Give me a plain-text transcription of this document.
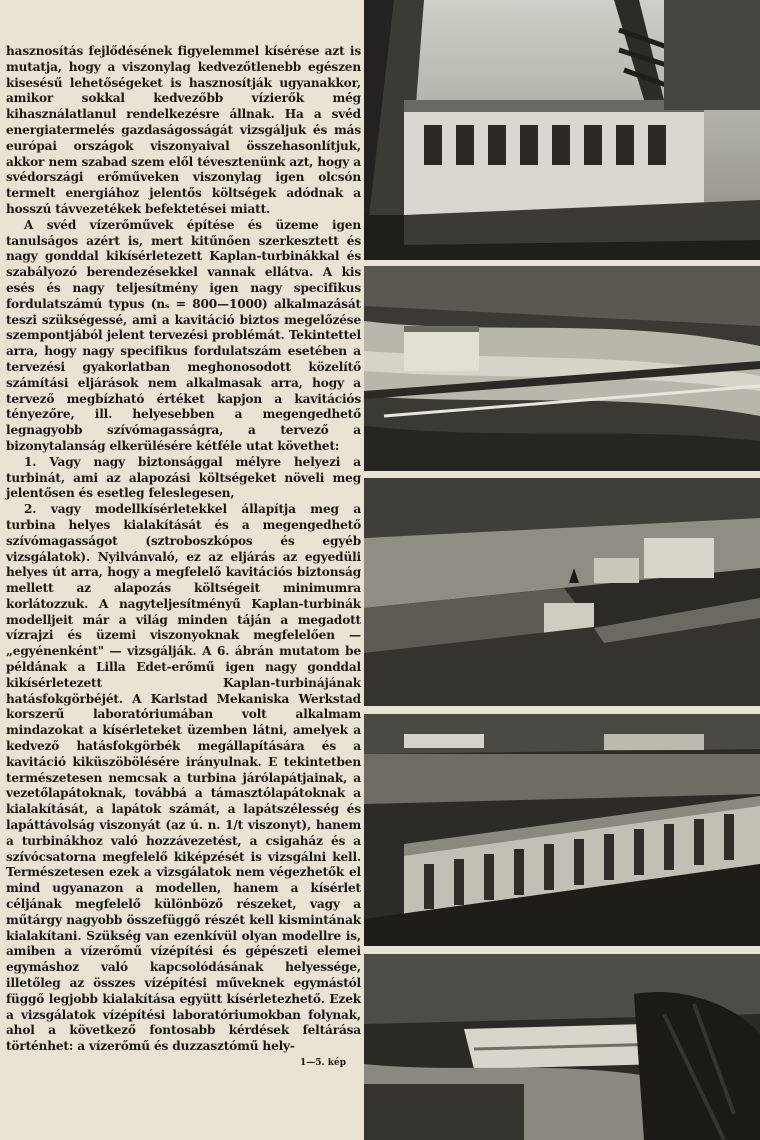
hasznosítás fejlődésének figyelemmel kísérése azt is mutatja, hogy a viszonylag kedvezőtlenebb egészen kisesésű lehetőségeket is hasznosítják ugyanakkor, amikor sokkal kedvezőbb vízierők még kihasználatlanul rendelkezésre állnak. Ha a svéd energiatermelés gazdaságosságát vizsgáljuk és más európai országok viszonyaival összehasonlítjuk, akkor nem szabad szem elől tévesztenünk azt, hogy a svédországi erőműveken viszonylag igen olcsón termelt energiához jelentős költségek adódnak a hosszú távvezetékek befektetései miatt.

A svéd vízerőművek építése és üzeme igen tanulságos azért is, mert kitűnően szerkesztett és nagy gonddal kikísérletezett Kaplan-turbinákkal és szabályozó berendezésekkel vannak ellátva. A kis esés és nagy teljesítmény igen nagy specifikus fordulatszámú typus (nₛ = 800—1000) alkalmazását teszi szükségessé, ami a kavitáció biztos megelőzése szempontjából jelent tervezési problémát. Tekintettel arra, hogy nagy specifikus fordulatszám esetében a tervezési gyakorlatban meghonosodott közelítő számítási eljárások nem alkalmasak arra, hogy a tervező megbízható értéket kapjon a kavitációs tényezőre, ill. helyesebben a megengedhető legnagyobb szívómagasságra, a tervező a bizonytalanság elkerülésére kétféle utat követhet:

1. Vagy nagy biztonsággal mélyre helyezi a turbinát, ami az alapozási költségeket növeli meg jelentősen és esetleg feleslegesen,

2. vagy modellkísérletekkel állapítja meg a turbina helyes kialakítását és a megengedhető szívómagasságot (sztroboszkópos és egyéb vizsgálatok). Nyilvánvaló, ez az eljárás az egyedüli helyes út arra, hogy a megfelelő kavitációs biztonság mellett az alapozás költségeit minimumra korlátozzuk. A nagyteljesítményű Kaplan-turbinák modelljeit már a világ minden táján a megadott vízrajzi és üzemi viszonyoknak megfelelően — „egyénenként" — vizsgálják. A 6. ábrán mutatom be példának a Lilla Edet-erőmű igen nagy gonddal kikísérletezett Kaplan-turbinájának hatásfokgörbéjét. A Karlstad Mekaniska Werkstad korszerű laboratóriumában volt alkalmam mindazokat a kísérleteket üzemben látni, amelyek a kedvező hatásfokgörbék megállapítására és a kavitáció kiküszöbölésére irányulnak. E tekintetben természetesen nemcsak a turbina járólapátjainak, a vezetőlapátoknak, továbbá a támasztólapátoknak a kialakítását, a lapátok számát, a lapátszélesség és lapáttávolság viszonyát (az ú. n. 1/t viszonyt), hanem a turbinákhoz való hozzávezetést, a csigaház és a szívócsatorna megfelelő kiképzését is vizsgálni kell. Természetesen ezek a vizsgálatok nem végezhetők el mind ugyanazon a modellen, hanem a kísérlet céljának megfelelő különböző részeket, vagy a műtárgy nagyobb összefüggő részét kell kismintának kialakítani. Szükség van ezenkívül olyan modellre is, amiben a vízerőmű vízépítési és gépészeti elemei egymáshoz való kapcsolódásának helyessége, illetőleg az összes vízépítési műveknek egymástól függő legjobb kialakítása együtt kísérletezhető. Ezek a vizsgálatok vízépítési laboratóriumokban folynak, ahol a következő fontosabb kérdések feltárása történhet: a vízerőmű és duzzasztómű hely-

1—5. kép
